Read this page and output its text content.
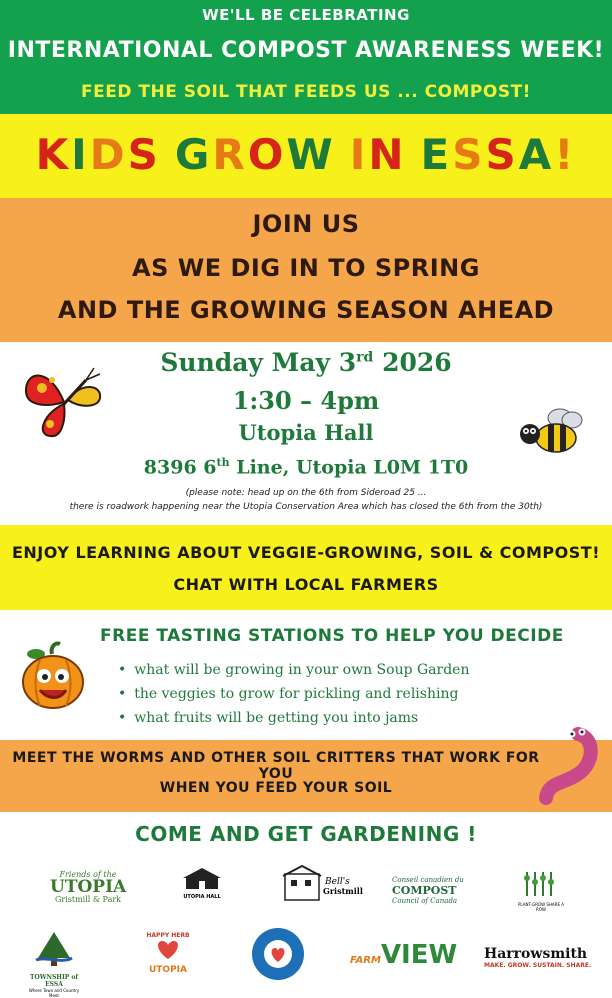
WE'LL BE CELEBRATING
INTERNATIONAL COMPOST AWARENESS WEEK!
FEED THE SOIL THAT FEEDS US ... COMPOST!
KIDS GROW IN ESSA!
JOIN US
AS WE DIG IN TO SPRING
AND THE GROWING SEASON AHEAD
Sunday May 3rd 2026
1:30 – 4pm
Utopia Hall
8396 6th Line, Utopia L0M 1T0
(please note: head up on the 6th from Sideroad 25 ...
there is roadwork happening near the Utopia Conservation Area which has closed the 6th from the 30th)
ENJOY LEARNING ABOUT VEGGIE-GROWING, SOIL & COMPOST!
CHAT WITH LOCAL FARMERS
FREE TASTING STATIONS TO HELP YOU DECIDE
• what will be growing in your own Soup Garden
• the veggies to grow for pickling and relishing
• what fruits will be getting you into jams
MEET THE WORMS AND OTHER SOIL CRITTERS THAT WORK FOR YOU
WHEN YOU FEED YOUR SOIL
COME AND GET GARDENING !
Friends of the
UTOPIA
Gristmill & Park	UTOPIA HALL
Bell's
Gristmill
Conseil canadien du
COMPOST
Council of Canada	PLANT-GROW SHARE A ROW
TOWNSHIP of ESSA
Where Town and Country Meet
HAPPY HERB
UTOPIA
FARMVIEW Harrowsmith
MAKE. GROW. SUSTAIN. SHARE.
